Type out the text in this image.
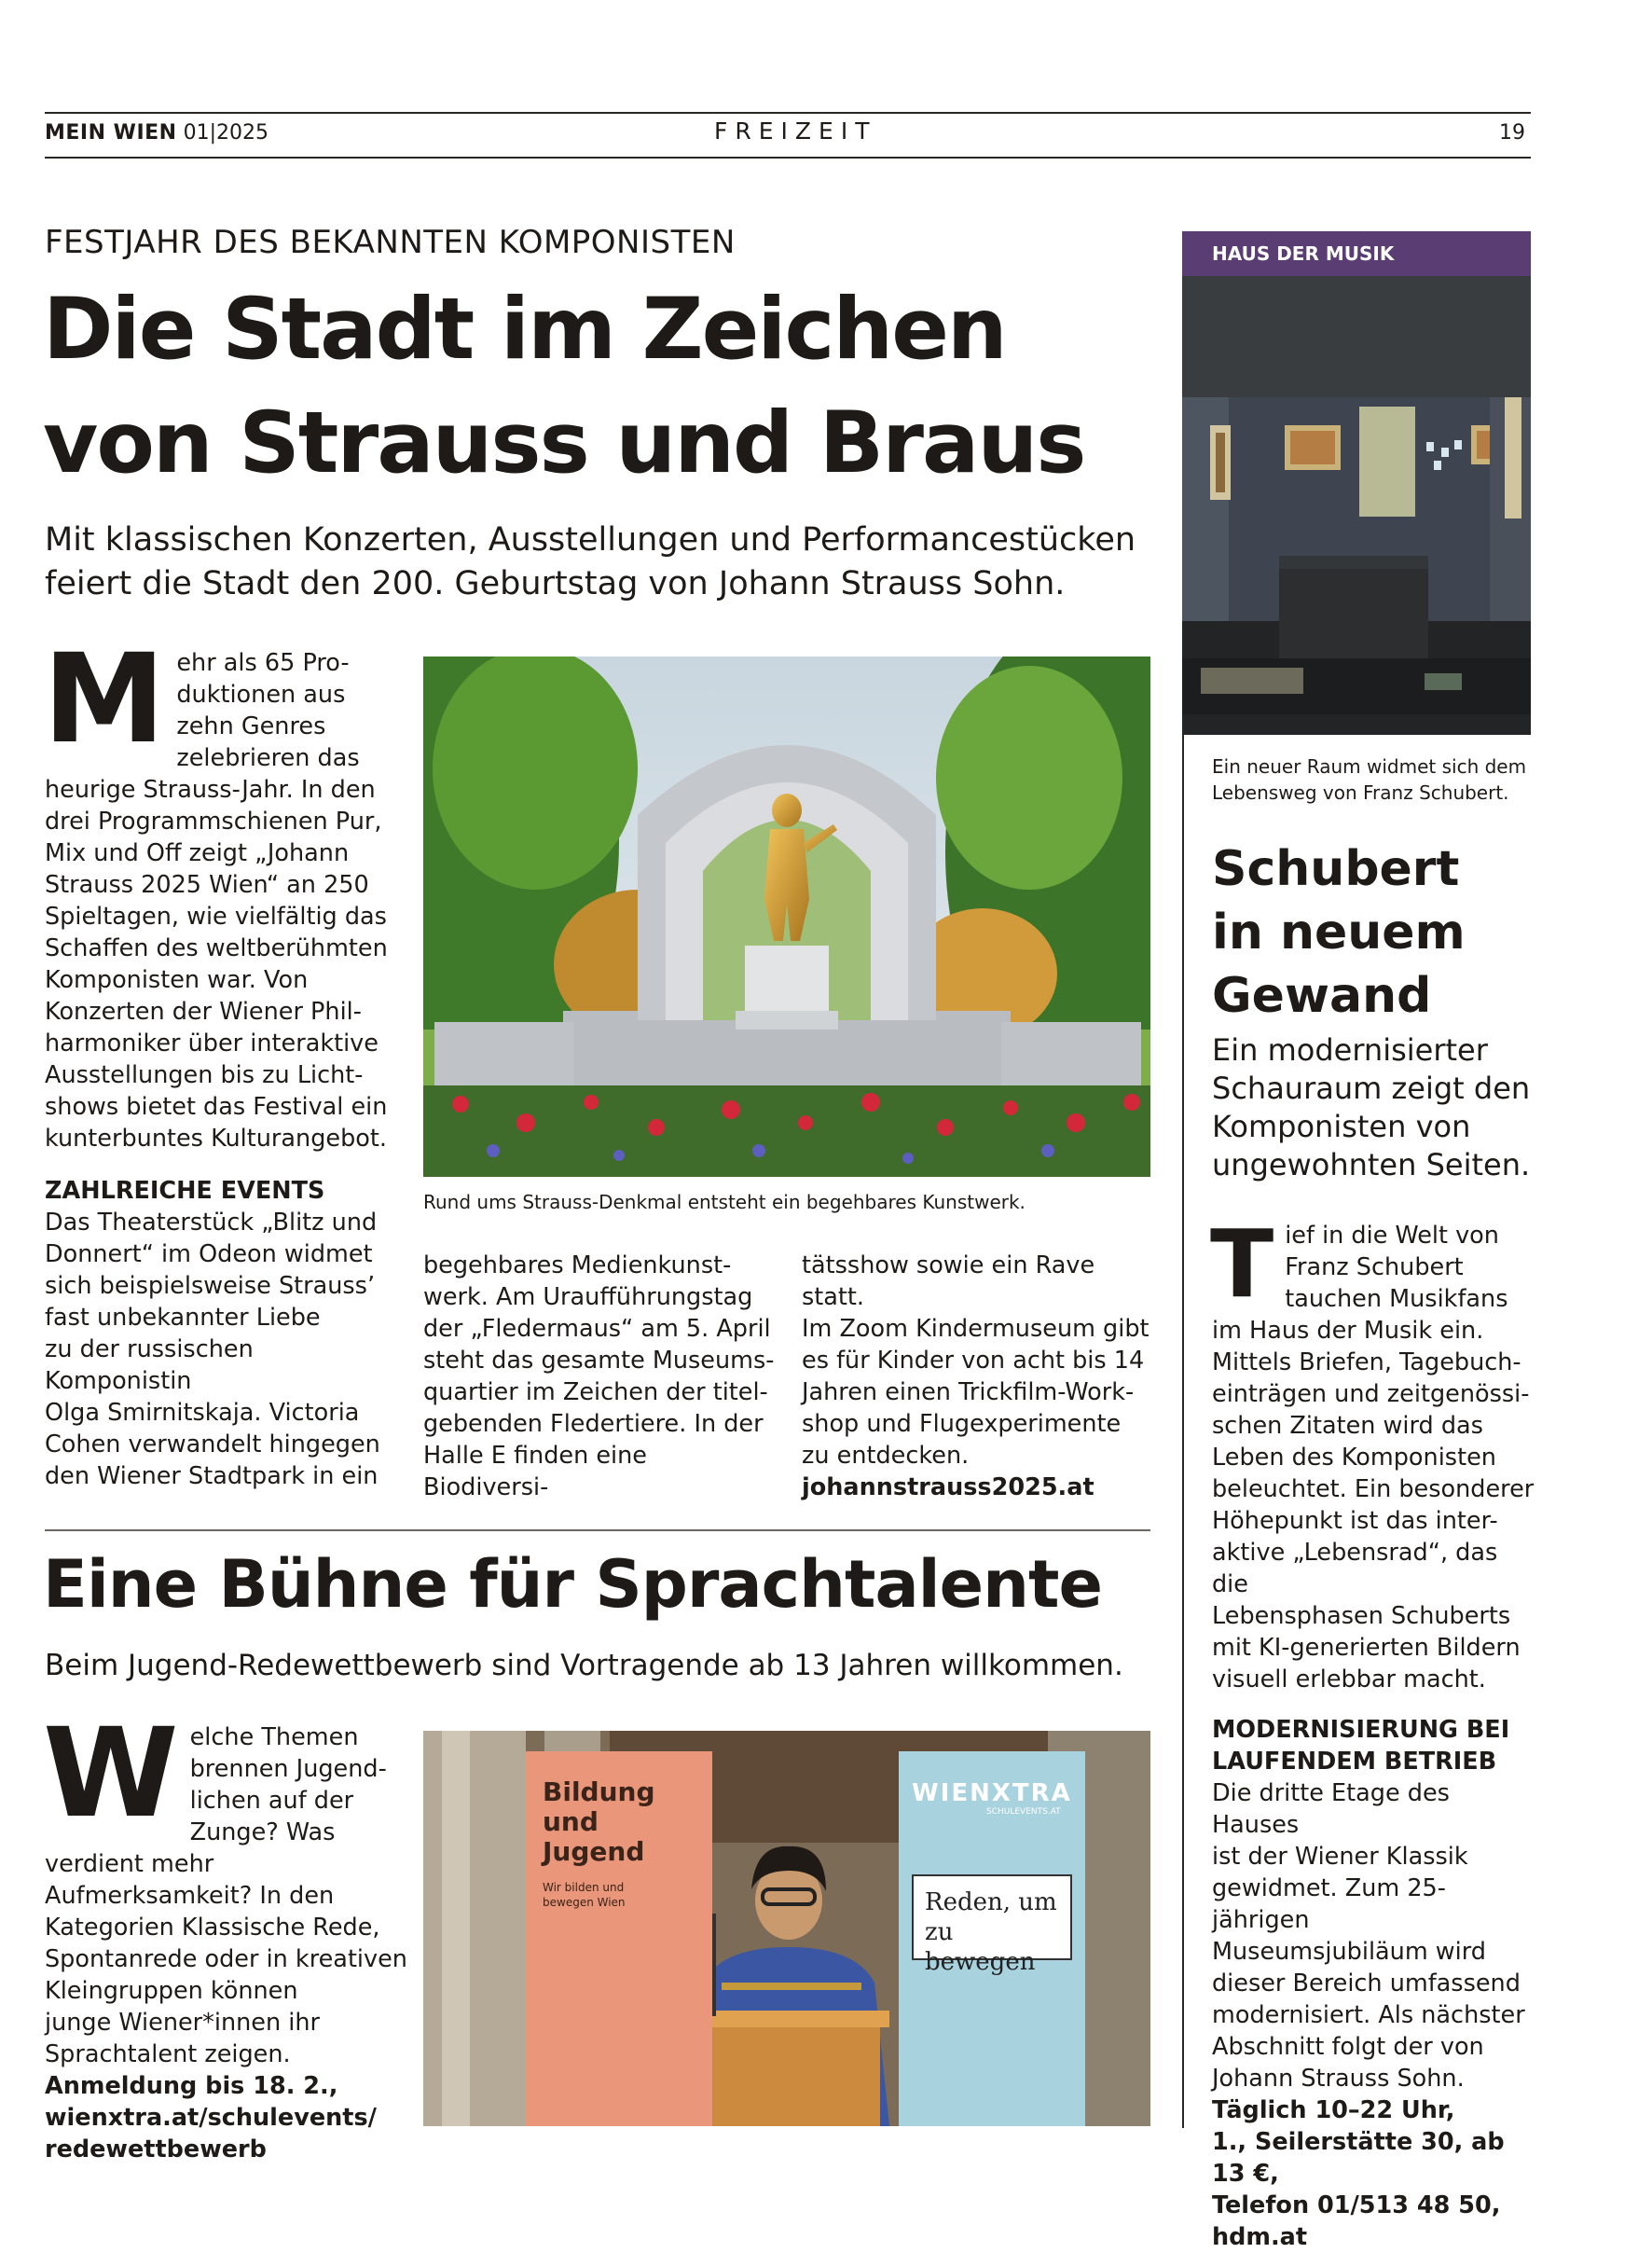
MEIN WIEN 01|2025	FREIZEIT	19
FESTJAHR DES BEKANNTEN KOMPONISTEN
Die Stadt im Zeichen
von Strauss und Braus
Mit klassischen Konzerten, Ausstellungen und Performancestücken
feiert die Stadt den 200. Geburtstag von Johann Strauss Sohn.
M ehr als 65 Pro-
duktionen aus
zehn Genres
zelebrieren das
heurige Strauss-Jahr. In den
drei Programmschienen Pur,
Mix und Off zeigt „Johann
Strauss 2025 Wien“ an 250
Spieltagen, wie vielfältig das
Schaffen des weltberühmten
Komponisten war. Von
Konzerten der Wiener Phil-
harmoniker über interaktive
Ausstellungen bis zu Licht-
shows bietet das Festival ein
kunterbuntes Kulturangebot.
ZAHLREICHE EVENTS
Das Theaterstück „Blitz und
Donnert“ im Odeon widmet
sich beispielsweise Strauss’
fast unbekannter Liebe
zu der russischen Komponistin
Olga Smirnitskaja. Victoria
Cohen verwandelt hingegen
den Wiener Stadtpark in ein
Rund ums Strauss-Denkmal entsteht ein begehbares Kunstwerk.
begehbares Medienkunst-
werk. Am Uraufführungstag
der „Fledermaus“ am 5. April
steht das gesamte Museums-
quartier im Zeichen der titel-
gebenden Fledertiere. In der
Halle E finden eine Biodiversi-
tätsshow sowie ein Rave statt.
Im Zoom Kindermuseum gibt
es für Kinder von acht bis 14
Jahren einen Trickfilm-Work-
shop und Flugexperimente
zu entdecken.
johannstrauss2025.at
Eine Bühne für Sprachtalente
Beim Jugend-Redewettbewerb sind Vortragende ab 13 Jahren willkommen.
W elche Themen
brennen Jugend-
lichen auf der
Zunge? Was verdient mehr
Aufmerksamkeit? In den
Kategorien Klassische Rede,
Spontanrede oder in kreativen
Kleingruppen können
junge Wiener*innen ihr
Sprachtalent zeigen.
Anmeldung bis 18. 2.,
wienxtra.at/schulevents/
redewettbewerb
Bildung
und
Jugend
Wir bilden und
bewegen Wien
WIENXTRA
SCHULEVENTS.AT
Reden, um
zu bewegen
HAUS DER MUSIK
Ein neuer Raum widmet sich dem
Lebensweg von Franz Schubert.
Schubert
in neuem
Gewand
Ein modernisierter
Schauraum zeigt den
Komponisten von
ungewohnten Seiten.
T ief in die Welt von
Franz Schubert
tauchen Musikfans
im Haus der Musik ein.
Mittels Briefen, Tagebuch-
einträgen und zeitgenössi-
schen Zitaten wird das
Leben des Komponisten
beleuchtet. Ein besonderer
Höhepunkt ist das inter-
aktive „Lebensrad“, das die
Lebensphasen Schuberts
mit KI-generierten Bildern
visuell erlebbar macht.
MODERNISIERUNG BEI
LAUFENDEM BETRIEB
Die dritte Etage des Hauses
ist der Wiener Klassik
gewidmet. Zum 25-jährigen
Museumsjubiläum wird
dieser Bereich umfassend
modernisiert. Als nächster
Abschnitt folgt der von
Johann Strauss Sohn.
Täglich 10–22 Uhr,
1., Seilerstätte 30, ab 13 €,
Telefon 01/513 48 50,
hdm.at
